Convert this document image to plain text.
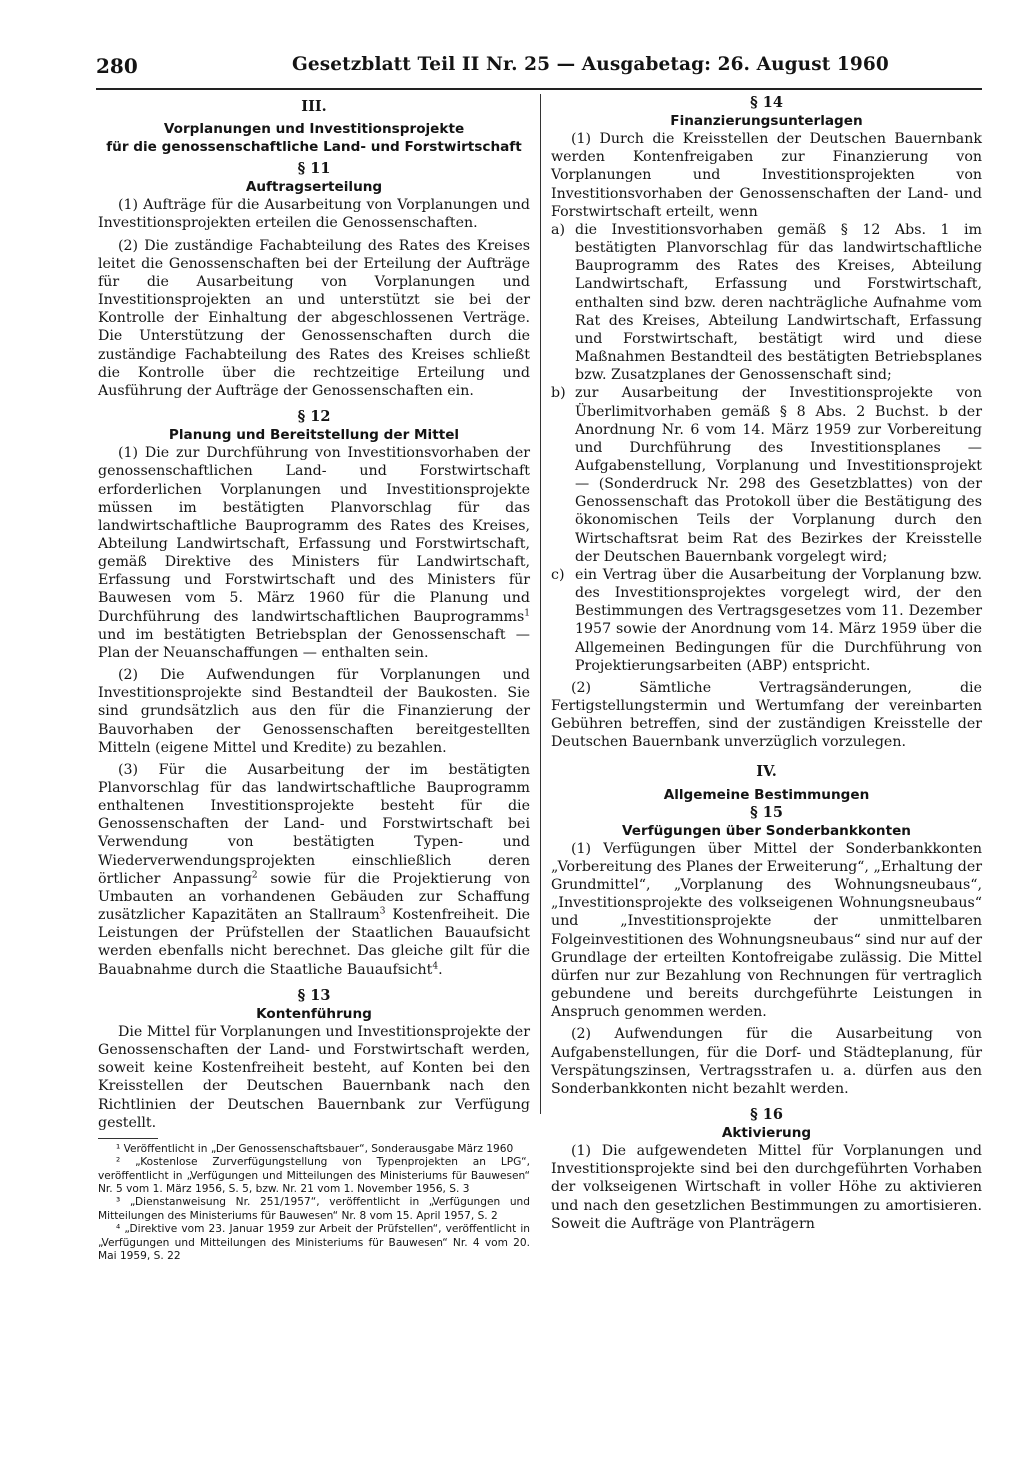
280	Gesetzblatt Teil II Nr. 25 — Ausgabetag: 26. August 1960
III.
Vorplanungen und Investitionsprojekte
für die genossenschaftliche Land- und Forstwirtschaft
§ 11
Auftragserteilung

(1) Aufträge für die Ausarbeitung von Vorplanungen und Investitionsprojekten erteilen die Genossenschaften.

(2) Die zuständige Fachabteilung des Rates des Kreises leitet die Genossenschaften bei der Erteilung der Aufträge für die Ausarbeitung von Vorplanungen und Investitionsprojekten an und unterstützt sie bei der Kontrolle der Einhaltung der abgeschlossenen Verträge. Die Unterstützung der Genossenschaften durch die zuständige Fachabteilung des Rates des Kreises schließt die Kontrolle über die rechtzeitige Erteilung und Ausführung der Aufträge der Genossenschaften ein.

§ 12
Planung und Bereitstellung der Mittel

(1) Die zur Durchführung von Investitionsvorhaben der genossenschaftlichen Land- und Forstwirtschaft erforderlichen Vorplanungen und Investitionsprojekte müssen im bestätigten Planvorschlag für das landwirtschaftliche Bauprogramm des Rates des Kreises, Abteilung Landwirtschaft, Erfassung und Forstwirtschaft, gemäß Direktive des Ministers für Landwirtschaft, Erfassung und Forstwirtschaft und des Ministers für Bauwesen vom 5. März 1960 für die Planung und Durchführung des landwirtschaftlichen Bauprogramms$^1$ und im bestätigten Betriebsplan der Genossenschaft — Plan der Neuanschaffungen — enthalten sein.

(2) Die Aufwendungen für Vorplanungen und Investitionsprojekte sind Bestandteil der Baukosten. Sie sind grundsätzlich aus den für die Finanzierung der Bauvorhaben der Genossenschaften bereitgestellten Mitteln (eigene Mittel und Kredite) zu bezahlen.

(3) Für die Ausarbeitung der im bestätigten Planvorschlag für das landwirtschaftliche Bauprogramm enthaltenen Investitionsprojekte besteht für die Genossenschaften der Land- und Forstwirtschaft bei Verwendung von bestätigten Typen- und Wiederverwendungsprojekten einschließlich deren örtlicher Anpassung$^2$ sowie für die Projektierung von Umbauten an vorhandenen Gebäuden zur Schaffung zusätzlicher Kapazitäten an Stallraum$^3$ Kostenfreiheit. Die Leistungen der Prüfstellen der Staatlichen Bauaufsicht werden ebenfalls nicht berechnet. Das gleiche gilt für die Bauabnahme durch die Staatliche Bauaufsicht$^4$.

§ 13
Kontenführung

Die Mittel für Vorplanungen und Investitionsprojekte der Genossenschaften der Land- und Forstwirtschaft werden, soweit keine Kostenfreiheit besteht, auf Konten bei den Kreisstellen der Deutschen Bauernbank nach den Richtlinien der Deutschen Bauernbank zur Verfügung gestellt.

¹ Veröffentlicht in „Der Genossenschaftsbauer“, Sonderausgabe März 1960

² „Kostenlose Zurverfügungstellung von Typenprojekten an LPG“, veröffentlicht in „Verfügungen und Mitteilungen des Ministeriums für Bauwesen“ Nr. 5 vom 1. März 1956, S. 5, bzw. Nr. 21 vom 1. November 1956, S. 3

³ „Dienstanweisung Nr. 251/1957“, veröffentlicht in „Verfügungen und Mitteilungen des Ministeriums für Bauwesen“ Nr. 8 vom 15. April 1957, S. 2

⁴ „Direktive vom 23. Januar 1959 zur Arbeit der Prüfstellen“, veröffentlicht in „Verfügungen und Mitteilungen des Ministeriums für Bauwesen“ Nr. 4 vom 20. Mai 1959, S. 22

§ 14
Finanzierungsunterlagen

(1) Durch die Kreisstellen der Deutschen Bauernbank werden Kontenfreigaben zur Finanzierung von Vorplanungen und Investitionsprojekten von Investitionsvorhaben der Genossenschaften der Land- und Forstwirtschaft erteilt, wenn

a) die Investitionsvorhaben gemäß § 12 Abs. 1 im bestätigten Planvorschlag für das landwirtschaftliche Bauprogramm des Rates des Kreises, Abteilung Landwirtschaft, Erfassung und Forstwirtschaft, enthalten sind bzw. deren nachträgliche Aufnahme vom Rat des Kreises, Abteilung Landwirtschaft, Erfassung und Forstwirtschaft, bestätigt wird und diese Maßnahmen Bestandteil des bestätigten Betriebsplanes bzw. Zusatzplanes der Genossenschaft sind;
b) zur Ausarbeitung der Investitionsprojekte von Überlimitvorhaben gemäß § 8 Abs. 2 Buchst. b der Anordnung Nr. 6 vom 14. März 1959 zur Vorbereitung und Durchführung des Investitionsplanes — Aufgabenstellung, Vorplanung und Investitionsprojekt — (Sonderdruck Nr. 298 des Gesetzblattes) von der Genossenschaft das Protokoll über die Bestätigung des ökonomischen Teils der Vorplanung durch den Wirtschaftsrat beim Rat des Bezirkes der Kreisstelle der Deutschen Bauernbank vorgelegt wird;
c) ein Vertrag über die Ausarbeitung der Vorplanung bzw. des Investitionsprojektes vorgelegt wird, der den Bestimmungen des Vertragsgesetzes vom 11. Dezember 1957 sowie der Anordnung vom 14. März 1959 über die Allgemeinen Bedingungen für die Durchführung von Projektierungsarbeiten (ABP) entspricht.

(2) Sämtliche Vertragsänderungen, die Fertigstellungstermin und Wertumfang der vereinbarten Gebühren betreffen, sind der zuständigen Kreisstelle der Deutschen Bauernbank unverzüglich vorzulegen.

IV.
Allgemeine Bestimmungen
§ 15
Verfügungen über Sonderbankkonten

(1) Verfügungen über Mittel der Sonderbankkonten „Vorbereitung des Planes der Erweiterung“, „Erhaltung der Grundmittel“, „Vorplanung des Wohnungsneubaus“, „Investitionsprojekte des volkseigenen Wohnungsneubaus“ und „Investitionsprojekte der unmittelbaren Folgeinvestitionen des Wohnungsneubaus“ sind nur auf der Grundlage der erteilten Kontofreigabe zulässig. Die Mittel dürfen nur zur Bezahlung von Rechnungen für vertraglich gebundene und bereits durchgeführte Leistungen in Anspruch genommen werden.

(2) Aufwendungen für die Ausarbeitung von Aufgabenstellungen, für die Dorf- und Städteplanung, für Verspätungszinsen, Vertragsstrafen u. a. dürfen aus den Sonderbankkonten nicht bezahlt werden.

§ 16
Aktivierung

(1) Die aufgewendeten Mittel für Vorplanungen und Investitionsprojekte sind bei den durchgeführten Vorhaben der volkseigenen Wirtschaft in voller Höhe zu aktivieren und nach den gesetzlichen Bestimmungen zu amortisieren. Soweit die Aufträge von Planträgern
